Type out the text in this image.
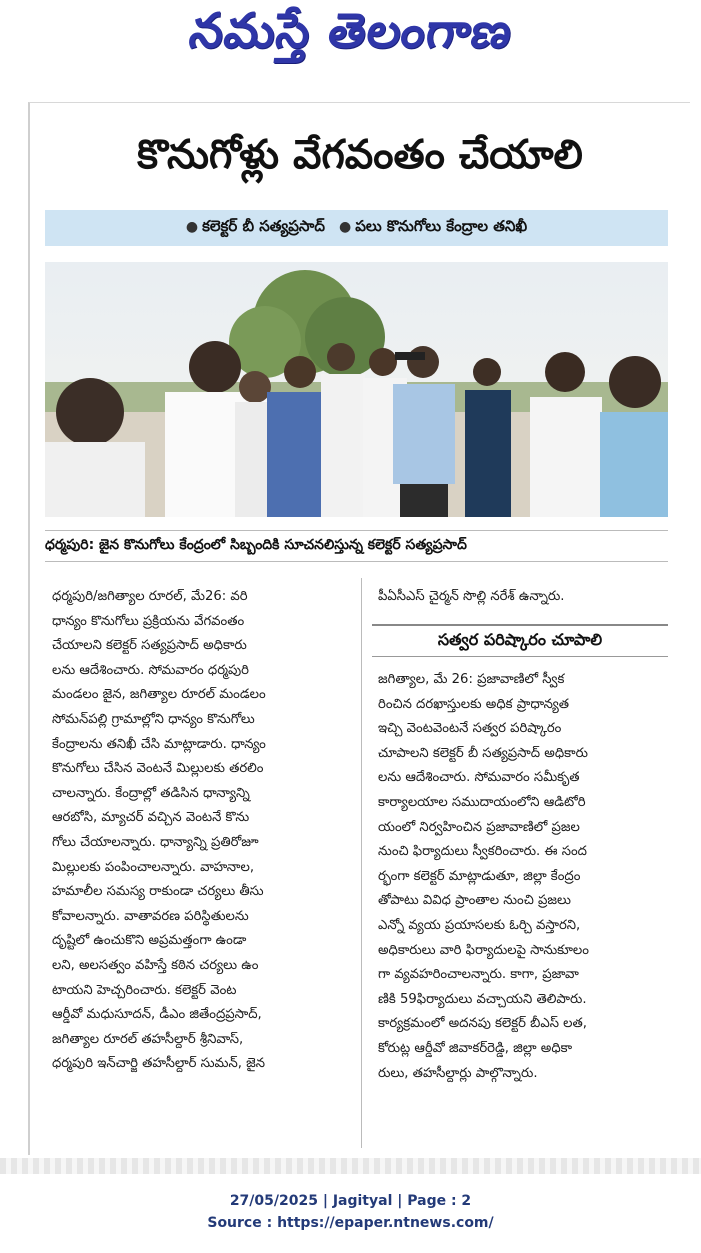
నమస్తే తెలంగాణ
కొనుగోళ్లు వేగవంతం చేయాలి
● కలెక్టర్ బీ సత్యప్రసాద్ ● పలు కొనుగోలు కేంద్రాల తనిఖీ
ధర్మపురి: జైన కొనుగోలు కేంద్రంలో సిబ్బందికి సూచనలిస్తున్న కలెక్టర్ సత్యప్రసాద్

ధర్మపురి/జగిత్యాల రూరల్, మే26: వరి

ధాన్యం కొనుగోలు ప్రక్రియను వేగవంతం

చేయాలని కలెక్టర్ సత్యప్రసాద్ అధికారు

లను ఆదేశించారు. సోమవారం ధర్మపురి

మండలం జైన, జగిత్యాల రూరల్ మండలం

సోమన్‌పల్లి గ్రామాల్లోని ధాన్యం కొనుగోలు

కేంద్రాలను తనిఖీ చేసి మాట్లాడారు. ధాన్యం

కొనుగోలు చేసిన వెంటనే మిల్లులకు తరలిం

చాలన్నారు. కేంద్రాల్లో తడిసిన ధాన్యాన్ని

ఆరబోసి, మ్యాచర్ వచ్చిన వెంటనే కొను

గోలు చేయాలన్నారు. ధాన్యాన్ని ప్రతిరోజూ

మిల్లులకు పంపించాలన్నారు. వాహనాల,

హమాలీల సమస్య రాకుండా చర్యలు తీసు

కోవాలన్నారు. వాతావరణ పరిస్థితులను

దృష్టిలో ఉంచుకొని అప్రమత్తంగా ఉండా

లని, అలసత్వం వహిస్తే కఠిన చర్యలు ఉం

టాయని హెచ్చరించారు. కలెక్టర్ వెంట

ఆర్డీవో మధుసూదన్, డీఎం జితేంద్రప్రసాద్,

జగిత్యాల రూరల్ తహసీల్దార్ శ్రీనివాస్,

ధర్మపురి ఇన్‌చార్జి తహసీల్దార్ సుమన్, జైన

పీఏసీఎస్ చైర్మన్ సొల్లి నరేశ్ ఉన్నారు.

సత్వర పరిష్కారం చూపాలి

జగిత్యాల, మే 26: ప్రజావాణిలో స్వీక

రించిన దరఖాస్తులకు అధిక ప్రాధాన్యత

ఇచ్చి వెంటవెంటనే సత్వర పరిష్కారం

చూపాలని కలెక్టర్ బీ సత్యప్రసాద్ అధికారు

లను ఆదేశించారు. సోమవారం సమీకృత

కార్యాలయాల సముదాయంలోని ఆడిటోరి

యంలో నిర్వహించిన ప్రజావాణిలో ప్రజల

నుంచి ఫిర్యాదులు స్వీకరించారు. ఈ సంద

ర్భంగా కలెక్టర్ మాట్లాడుతూ, జిల్లా కేంద్రం

తోపాటు వివిధ ప్రాంతాల నుంచి ప్రజలు

ఎన్నో వ్యయ ప్రయాసలకు ఓర్చి వస్తారని,

అధికారులు వారి ఫిర్యాదులపై సానుకూలం

గా వ్యవహరించాలన్నారు. కాగా, ప్రజావా

ణికి 59ఫిర్యాదులు వచ్చాయని తెలిపారు.

కార్యక్రమంలో అదనపు కలెక్టర్ బీఎస్ లత,

కోరుట్ల ఆర్డీవో జివాకర్‌రెడ్డి, జిల్లా అధికా

రులు, తహసీల్దార్లు పాల్గొన్నారు.

27/05/2025 | Jagityal | Page : 2
Source : https://epaper.ntnews.com/
